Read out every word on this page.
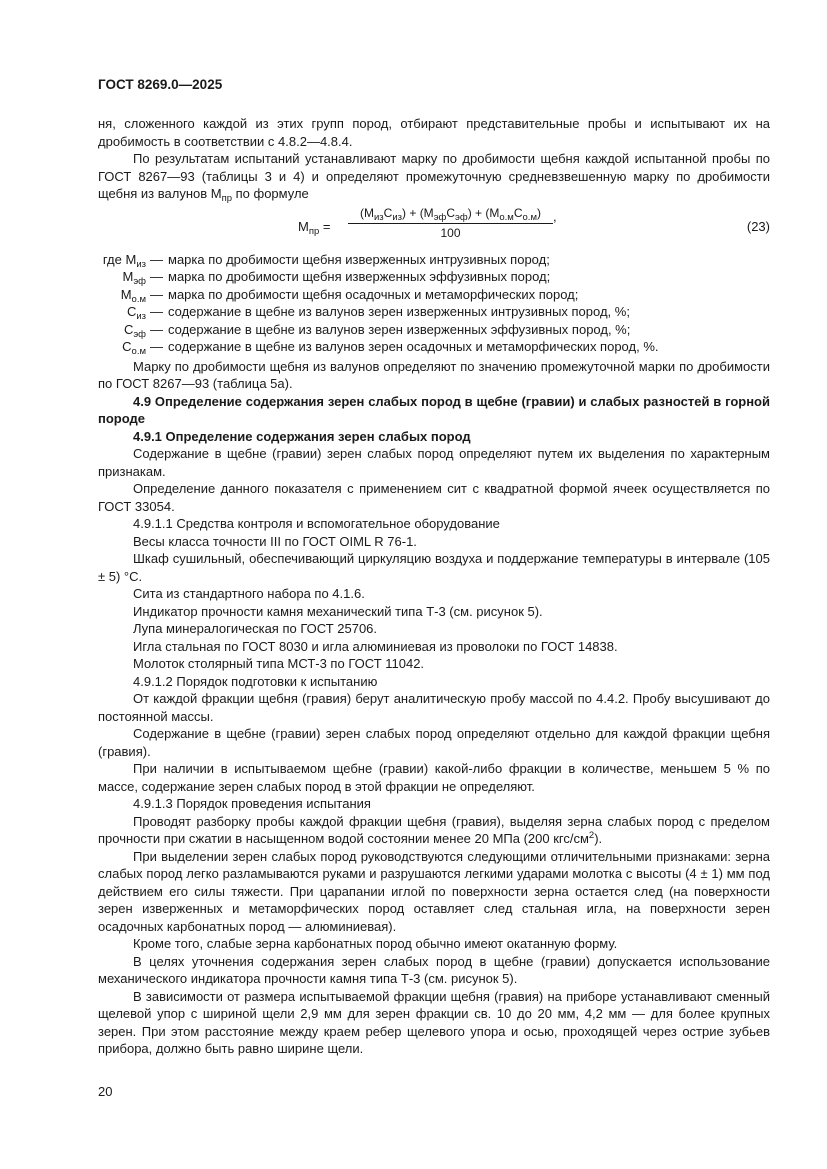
ГОСТ 8269.0—2025

ня, сложенного каждой из этих групп пород, отбирают представительные пробы и испытывают их на дробимость в соответствии с 4.8.2—4.8.4.

По результатам испытаний устанавливают марку по дробимости щебня каждой испытанной пробы по ГОСТ 8267—93 (таблицы 3 и 4) и определяют промежуточную средневзвешенную марку по дробимости щебня из валунов $М_{пр}$ по формуле

$М_{пр}$ =
$(М_{из}С_{из}) + (М_{эф}С_{эф}) + (М_{о.м}С_{о.м})$
100
,
(23)
где $М_{из}$ — марка по дробимости щебня изверженных интрузивных пород;
$М_{эф}$ — марка по дробимости щебня изверженных эффузивных пород;
$М_{о.м}$ — марка по дробимости щебня осадочных и метаморфических пород;
$С_{из}$ — содержание в щебне из валунов зерен изверженных интрузивных пород, %;
$С_{эф}$ — содержание в щебне из валунов зерен изверженных эффузивных пород, %;
$С_{о.м}$ — содержание в щебне из валунов зерен осадочных и метаморфических пород, %.

Марку по дробимости щебня из валунов определяют по значению промежуточной марки по дробимости по ГОСТ 8267—93 (таблица 5а).

4.9 Определение содержания зерен слабых пород в щебне (гравии) и слабых разностей в горной породе

4.9.1 Определение содержания зерен слабых пород

Содержание в щебне (гравии) зерен слабых пород определяют путем их выделения по характерным признакам.

Определение данного показателя с применением сит с квадратной формой ячеек осуществляется по ГОСТ 33054.

4.9.1.1 Средства контроля и вспомогательное оборудование

Весы класса точности III по ГОСТ OIML R 76-1.

Шкаф сушильный, обеспечивающий циркуляцию воздуха и поддержание температуры в интервале (105 ± 5) °С.

Сита из стандартного набора по 4.1.6.

Индикатор прочности камня механический типа Т-3 (см. рисунок 5).

Лупа минералогическая по ГОСТ 25706.

Игла стальная по ГОСТ 8030 и игла алюминиевая из проволоки по ГОСТ 14838.

Молоток столярный типа МСТ-3 по ГОСТ 11042.

4.9.1.2 Порядок подготовки к испытанию

От каждой фракции щебня (гравия) берут аналитическую пробу массой по 4.4.2. Пробу высушивают до постоянной массы.

Содержание в щебне (гравии) зерен слабых пород определяют отдельно для каждой фракции щебня (гравия).

При наличии в испытываемом щебне (гравии) какой-либо фракции в количестве, меньшем 5 % по массе, содержание зерен слабых пород в этой фракции не определяют.

4.9.1.3 Порядок проведения испытания

Проводят разборку пробы каждой фракции щебня (гравия), выделяя зерна слабых пород с пределом прочности при сжатии в насыщенном водой состоянии менее 20 МПа (200 кгс/$см^2$).

При выделении зерен слабых пород руководствуются следующими отличительными признаками: зерна слабых пород легко разламываются руками и разрушаются легкими ударами молотка с высоты (4 ± 1) мм под действием его силы тяжести. При царапании иглой по поверхности зерна остается след (на поверхности зерен изверженных и метаморфических пород оставляет след стальная игла, на поверхности зерен осадочных карбонатных пород — алюминиевая).

Кроме того, слабые зерна карбонатных пород обычно имеют окатанную форму.

В целях уточнения содержания зерен слабых пород в щебне (гравии) допускается использование механического индикатора прочности камня типа Т-3 (см. рисунок 5).

В зависимости от размера испытываемой фракции щебня (гравия) на приборе устанавливают сменный щелевой упор с шириной щели 2,9 мм для зерен фракции св. 10 до 20 мм, 4,2 мм — для более крупных зерен. При этом расстояние между краем ребер щелевого упора и осью, проходящей через острие зубьев прибора, должно быть равно ширине щели.

20
